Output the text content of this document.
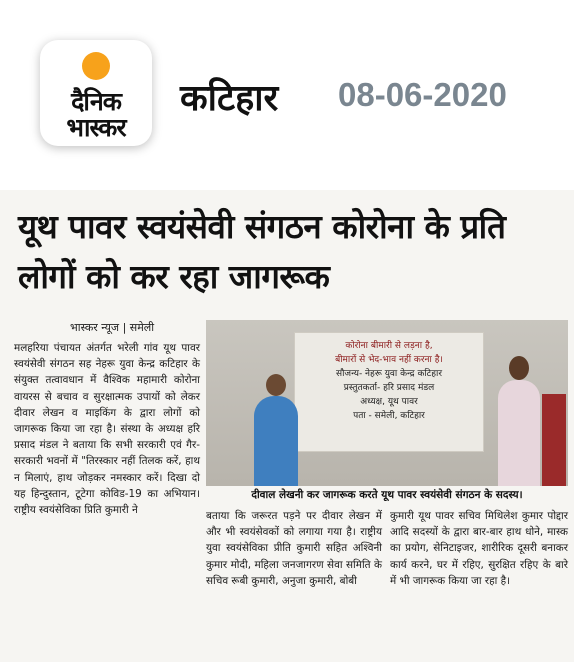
दैनिक
भास्कर
कटिहार 08-06-2020
यूथ पावर स्वयंसेवी संगठन कोरोना के प्रति लोगों को कर रहा जागरूक
भास्कर न्यूज | समेली
कोरोना बीमारी से लड़ना है,
बीमारों से भेद-भाव नहीं करना है।
सौजन्य- नेहरू युवा केन्द्र कटिहार
प्रस्तुतकर्ता- हरि प्रसाद मंडल
अध्यक्ष, यूथ पावर
पता - समेली, कटिहार
दीवाल लेखनी कर जागरूक करते यूथ पावर स्वयंसेवी संगठन के सदस्य।
मलहरिया पंचायत अंतर्गत भरेली गांव यूथ पावर स्वयंसेवी संगठन सह नेहरू युवा केन्द्र कटिहार के संयुक्त तत्वावधान में वैश्विक महामारी कोरोना वायरस से बचाव व सुरक्षात्मक उपायों को लेकर दीवार लेखन व माइकिंग के द्वारा लोगों को जागरूक किया जा रहा है। संस्था के अध्यक्ष हरि प्रसाद मंडल ने बताया कि सभी सरकारी एवं गैर-सरकारी भवनों में "तिरस्कार नहीं तिलक करें, हाथ न मिलाएं, हाथ जोड़कर नमस्कार करें। दिखा दो यह हिन्दुस्तान, टूटेगा कोविड-19 का अभियान। राष्ट्रीय स्वयंसेविका प्रिति कुमारी ने	बताया कि जरूरत पड़ने पर दीवार लेखन में और भी स्वयंसेवकों को लगाया गया है। राष्ट्रीय युवा स्वयंसेविका प्रीति कुमारी सहित अश्विनी कुमार मोदी, महिला जनजागरण सेवा समिति के सचिव रूबी कुमारी, अनुजा कुमारी, बोबी
कुमारी यूथ पावर सचिव मिथिलेश कुमार पोद्दार आदि सदस्यों के द्वारा बार-बार हाथ धोने, मास्क का प्रयोग, सेनिटाइजर, शारीरिक दूसरी बनाकर कार्य करने, घर में रहिए, सुरक्षित रहिए के बारे में भी जागरूक किया जा रहा है।
